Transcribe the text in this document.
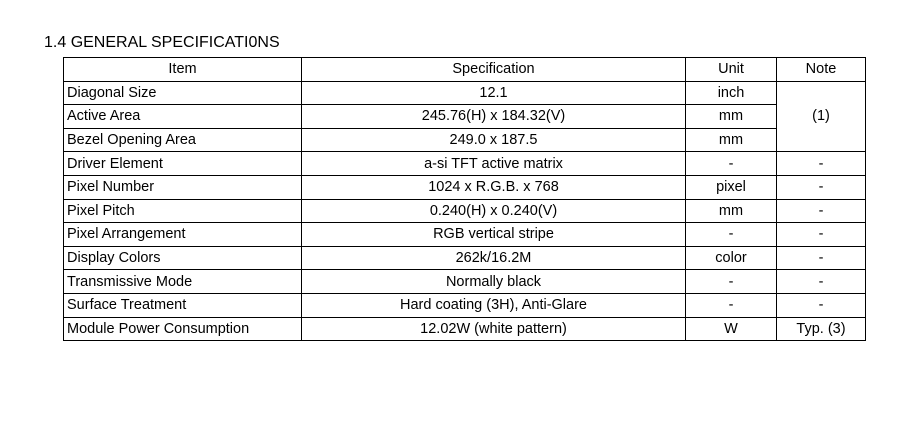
1.4 GENERAL SPECIFICATI0NS
Item	Specification	Unit	Note
Diagonal Size	12.1	inch	(1)
Active Area	245.76(H) x 184.32(V)	mm	
Bezel Opening Area	249.0 x 187.5	mm	
Driver Element	a-si TFT active matrix	-	-
Pixel Number	1024 x R.G.B. x 768	pixel	-
Pixel Pitch	0.240(H) x 0.240(V)	mm	-
Pixel Arrangement	RGB vertical stripe	-	-
Display Colors	262k/16.2M	color	-
Transmissive Mode	Normally black	-	-
Surface Treatment	Hard coating (3H), Anti-Glare	-	-
Module Power Consumption	12.02W (white pattern)	W	Typ. (3)
